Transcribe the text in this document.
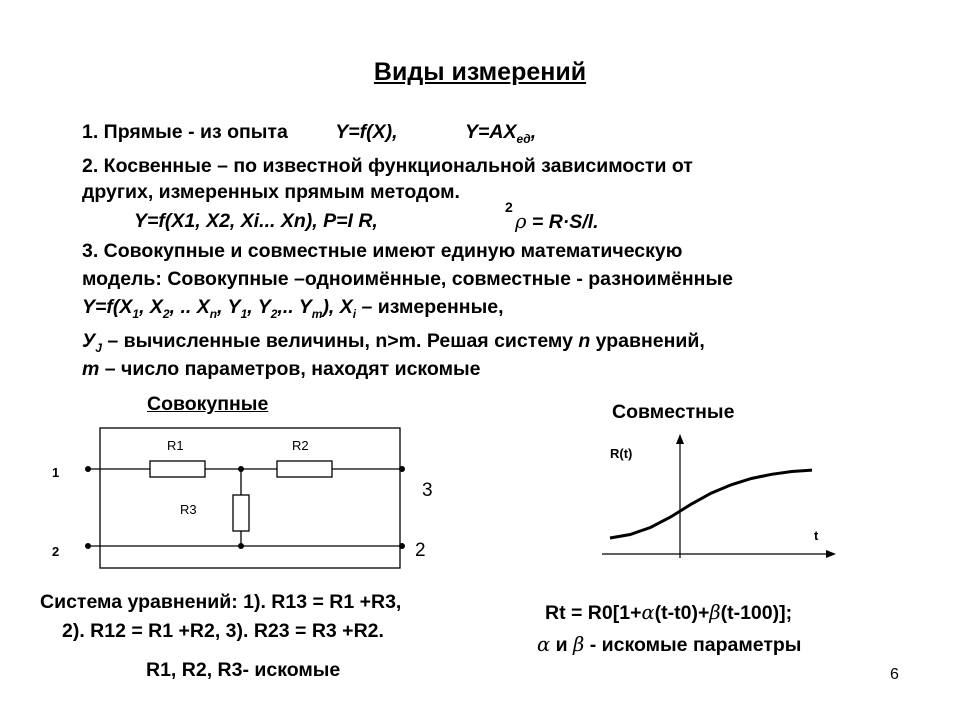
Виды измерений
1. Прямые - из опыта Y=f(X),	$Y=AX_{ед}$,
2. Косвенные – по известной функциональной зависимости от
других, измеренных прямым методом.
Y=f(X1, X2, Xi... Xn), P=I R,
2
ρ = R·S/l.
3. Совокупные и совместные имеют единую математическую
модель: Совокупные –одноимённые, совместные - разноимённые
$Y=f(X_1$, $X_2$, .. $X_n$, $Y_1$, $Y_2$,.. $Y_m$), $X_i$ – измеренные,
$У_J$ – вычисленные величины, n>m. Решая систему n уравнений,
m – число параметров, находят искомые
Совокупные
R1	R2
R3
1
2
3
2
Система уравнений: 1). R13 = R1 +R3,
2). R12 = R1 +R2, 3). R23 = R3 +R2.
R1, R2, R3- искомые
Совместные
R(t)
t
Rt = R0[1+α(t-t0)+β(t-100)];
α и β - искомые параметры
6
